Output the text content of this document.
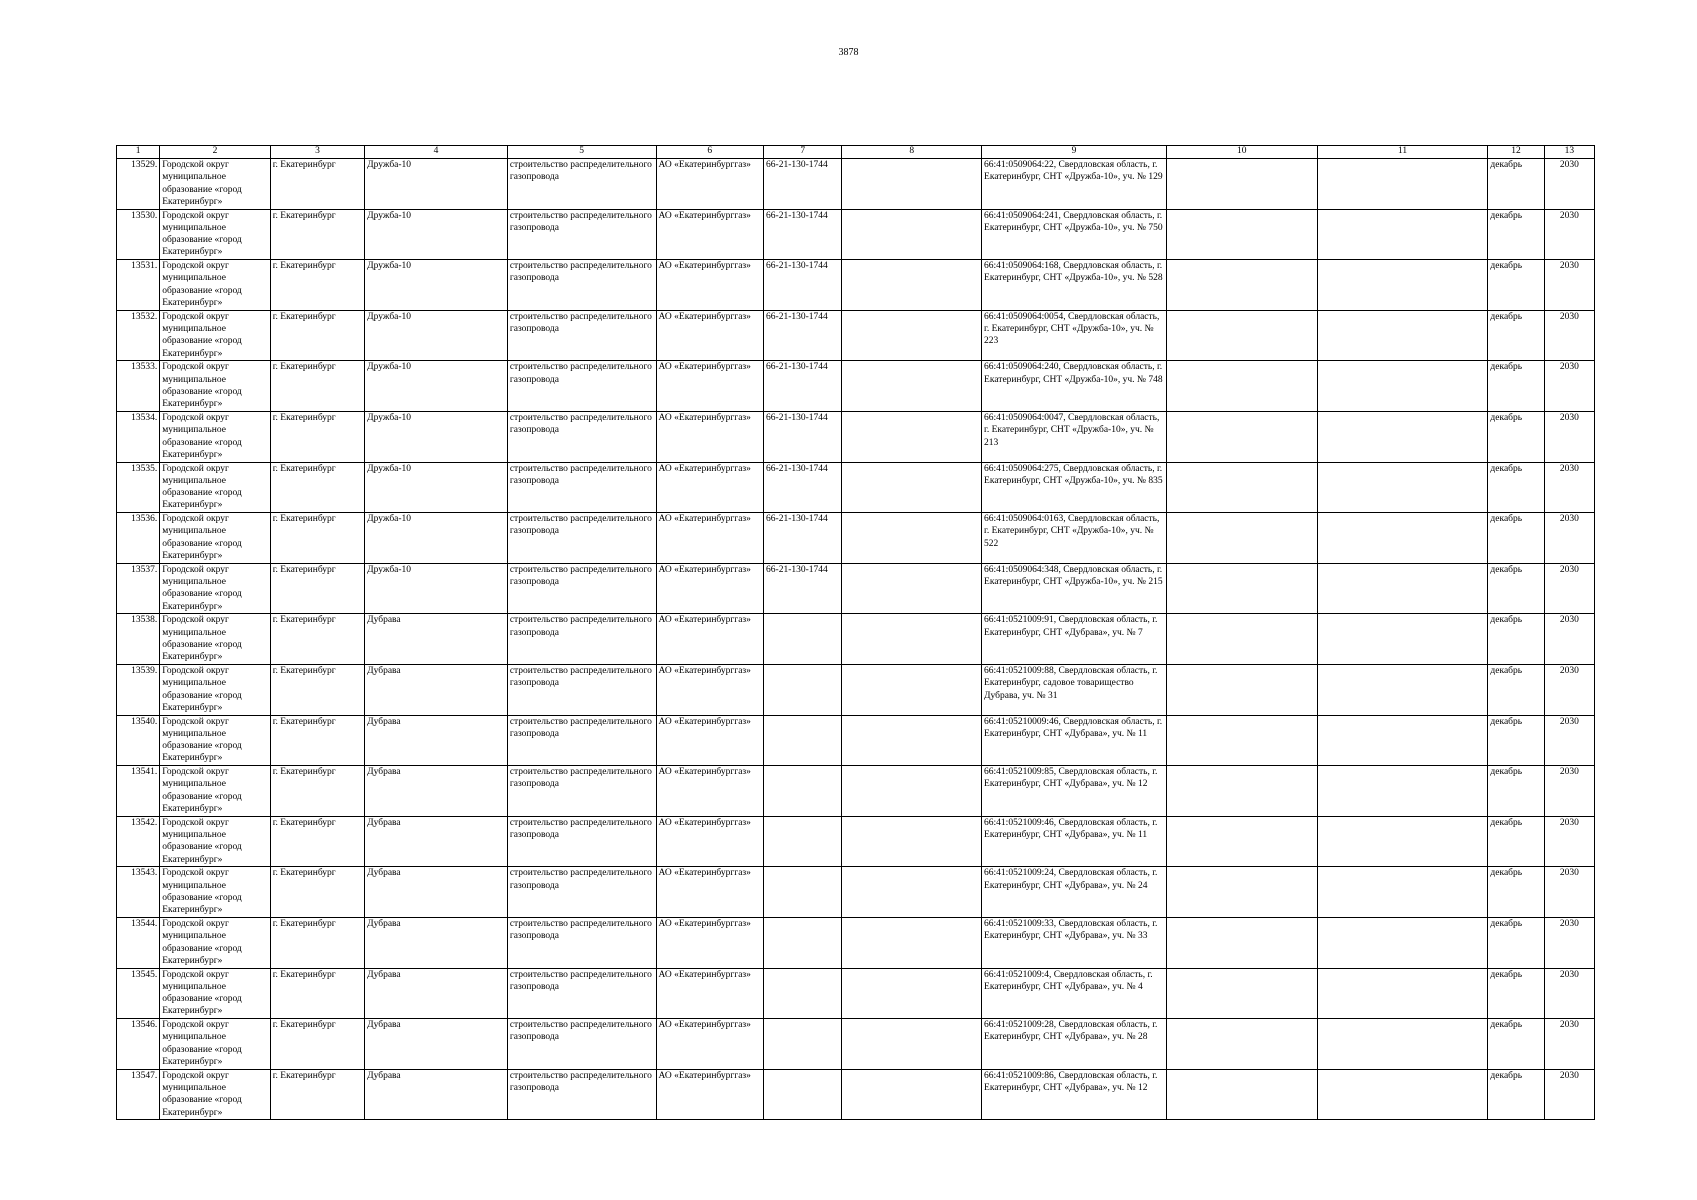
3878
1	2	3	4	5	6	7	8	9	10	11	12	13
13529.	Городской округ муниципальное образование «город Екатеринбург»	г. Екатеринбург	Дружба-10	строительство распределительного газопровода	АО «Екатеринбурггаз»	66-21-130-1744		66:41:0509064:22, Свердловская область, г. Екатеринбург, СНТ «Дружба-10», уч. № 129			декабрь	2030
13530.	Городской округ муниципальное образование «город Екатеринбург»	г. Екатеринбург	Дружба-10	строительство распределительного газопровода	АО «Екатеринбурггаз»	66-21-130-1744		66:41:0509064:241, Свердловская область, г. Екатеринбург, СНТ «Дружба-10», уч. № 750			декабрь	2030
13531.	Городской округ муниципальное образование «город Екатеринбург»	г. Екатеринбург	Дружба-10	строительство распределительного газопровода	АО «Екатеринбурггаз»	66-21-130-1744		66:41:0509064:168, Свердловская область, г. Екатеринбург, СНТ «Дружба-10», уч. № 528			декабрь	2030
13532.	Городской округ муниципальное образование «город Екатеринбург»	г. Екатеринбург	Дружба-10	строительство распределительного газопровода	АО «Екатеринбурггаз»	66-21-130-1744		66:41:0509064:0054, Свердловская область, г. Екатеринбург, СНТ «Дружба-10», уч. № 223			декабрь	2030
13533.	Городской округ муниципальное образование «город Екатеринбург»	г. Екатеринбург	Дружба-10	строительство распределительного газопровода	АО «Екатеринбурггаз»	66-21-130-1744		66:41:0509064:240, Свердловская область, г. Екатеринбург, СНТ «Дружба-10», уч. № 748			декабрь	2030
13534.	Городской округ муниципальное образование «город Екатеринбург»	г. Екатеринбург	Дружба-10	строительство распределительного газопровода	АО «Екатеринбурггаз»	66-21-130-1744		66:41:0509064:0047, Свердловская область, г. Екатеринбург, СНТ «Дружба-10», уч. № 213			декабрь	2030
13535.	Городской округ муниципальное образование «город Екатеринбург»	г. Екатеринбург	Дружба-10	строительство распределительного газопровода	АО «Екатеринбурггаз»	66-21-130-1744		66:41:0509064:275, Свердловская область, г. Екатеринбург, СНТ «Дружба-10», уч. № 835			декабрь	2030
13536.	Городской округ муниципальное образование «город Екатеринбург»	г. Екатеринбург	Дружба-10	строительство распределительного газопровода	АО «Екатеринбурггаз»	66-21-130-1744		66:41:0509064:0163, Свердловская область, г. Екатеринбург, СНТ «Дружба-10», уч. № 522			декабрь	2030
13537.	Городской округ муниципальное образование «город Екатеринбург»	г. Екатеринбург	Дружба-10	строительство распределительного газопровода	АО «Екатеринбурггаз»	66-21-130-1744		66:41:0509064:348, Свердловская область, г. Екатеринбург, СНТ «Дружба-10», уч. № 215			декабрь	2030
13538.	Городской округ муниципальное образование «город Екатеринбург»	г. Екатеринбург	Дубрава	строительство распределительного газопровода	АО «Екатеринбурггаз»			66:41:0521009:91, Свердловская область, г. Екатеринбург, СНТ «Дубрава», уч. № 7			декабрь	2030
13539.	Городской округ муниципальное образование «город Екатеринбург»	г. Екатеринбург	Дубрава	строительство распределительного газопровода	АО «Екатеринбурггаз»			66:41:0521009:88, Свердловская область, г. Екатеринбург, садовое товарищество Дубрава, уч. № 31			декабрь	2030
13540.	Городской округ муниципальное образование «город Екатеринбург»	г. Екатеринбург	Дубрава	строительство распределительного газопровода	АО «Екатеринбурггаз»			66:41:05210009:46, Свердловская область, г. Екатеринбург, СНТ «Дубрава», уч. № 11			декабрь	2030
13541.	Городской округ муниципальное образование «город Екатеринбург»	г. Екатеринбург	Дубрава	строительство распределительного газопровода	АО «Екатеринбурггаз»			66:41:0521009:85, Свердловская область, г. Екатеринбург, СНТ «Дубрава», уч. № 12			декабрь	2030
13542.	Городской округ муниципальное образование «город Екатеринбург»	г. Екатеринбург	Дубрава	строительство распределительного газопровода	АО «Екатеринбурггаз»			66:41:0521009:46, Свердловская область, г. Екатеринбург, СНТ «Дубрава», уч. № 11			декабрь	2030
13543.	Городской округ муниципальное образование «город Екатеринбург»	г. Екатеринбург	Дубрава	строительство распределительного газопровода	АО «Екатеринбурггаз»			66:41:0521009:24, Свердловская область, г. Екатеринбург, СНТ «Дубрава», уч. № 24			декабрь	2030
13544.	Городской округ муниципальное образование «город Екатеринбург»	г. Екатеринбург	Дубрава	строительство распределительного газопровода	АО «Екатеринбурггаз»			66:41:0521009:33, Свердловская область, г. Екатеринбург, СНТ «Дубрава», уч. № 33			декабрь	2030
13545.	Городской округ муниципальное образование «город Екатеринбург»	г. Екатеринбург	Дубрава	строительство распределительного газопровода	АО «Екатеринбурггаз»			66:41:0521009:4, Свердловская область, г. Екатеринбург, СНТ «Дубрава», уч. № 4			декабрь	2030
13546.	Городской округ муниципальное образование «город Екатеринбург»	г. Екатеринбург	Дубрава	строительство распределительного газопровода	АО «Екатеринбурггаз»			66:41:0521009:28, Свердловская область, г. Екатеринбург, СНТ «Дубрава», уч. № 28			декабрь	2030
13547.	Городской округ муниципальное образование «город Екатеринбург»	г. Екатеринбург	Дубрава	строительство распределительного газопровода	АО «Екатеринбурггаз»			66:41:0521009:86, Свердловская область, г. Екатеринбург, СНТ «Дубрава», уч. № 12			декабрь	2030
